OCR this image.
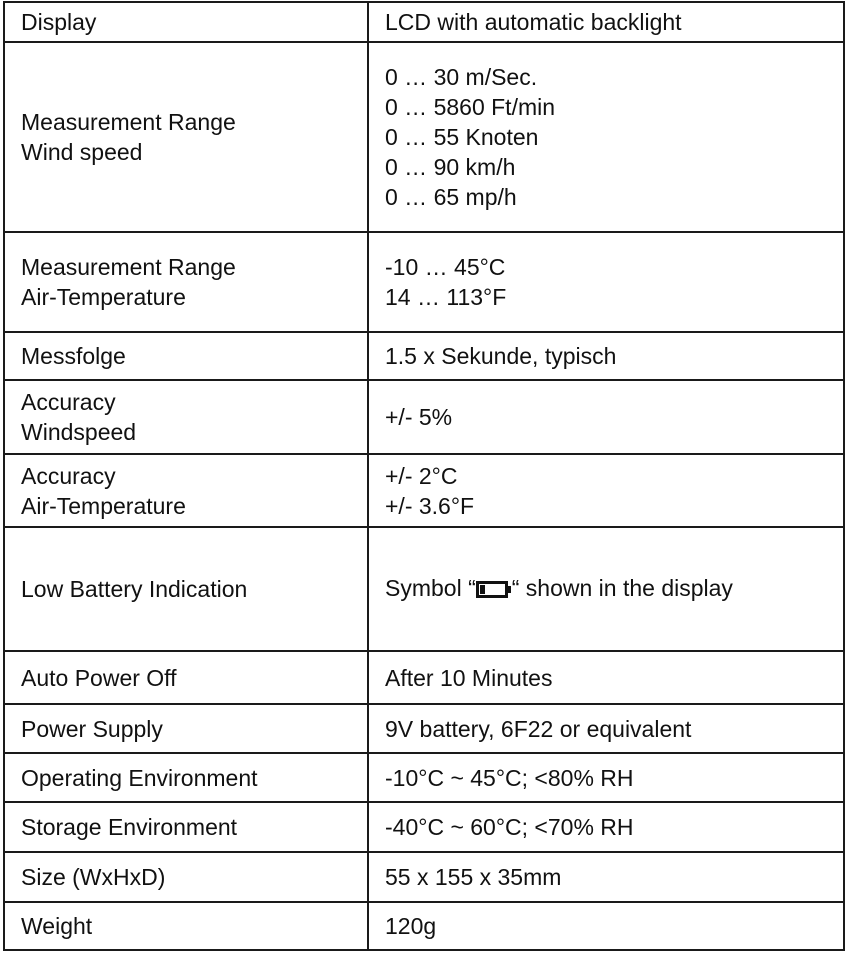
Display	LCD with automatic backlight

Measurement Range
Wind speed	0 … 30 m/Sec.
0 … 5860 Ft/min
0 … 55 Knoten
0 … 90 km/h
0 … 65 mp/h

Measurement Range
Air-Temperature	-10 … 45°C
14 … 113°F

Messfolge	1.5 x Sekunde, typisch

Accuracy
Windspeed	+/- 5%

Accuracy
Air-Temperature	+/- 2°C
+/- 3.6°F

Low Battery Indication	Symbol “ “ shown in the display

Auto Power Off	After 10 Minutes

Power Supply	9V battery, 6F22 or equivalent

Operating Environment	-10°C ~ 45°C; <80% RH

Storage Environment	-40°C ~ 60°C; <70% RH

Size (WxHxD)	55 x 155 x 35mm

Weight	120g
